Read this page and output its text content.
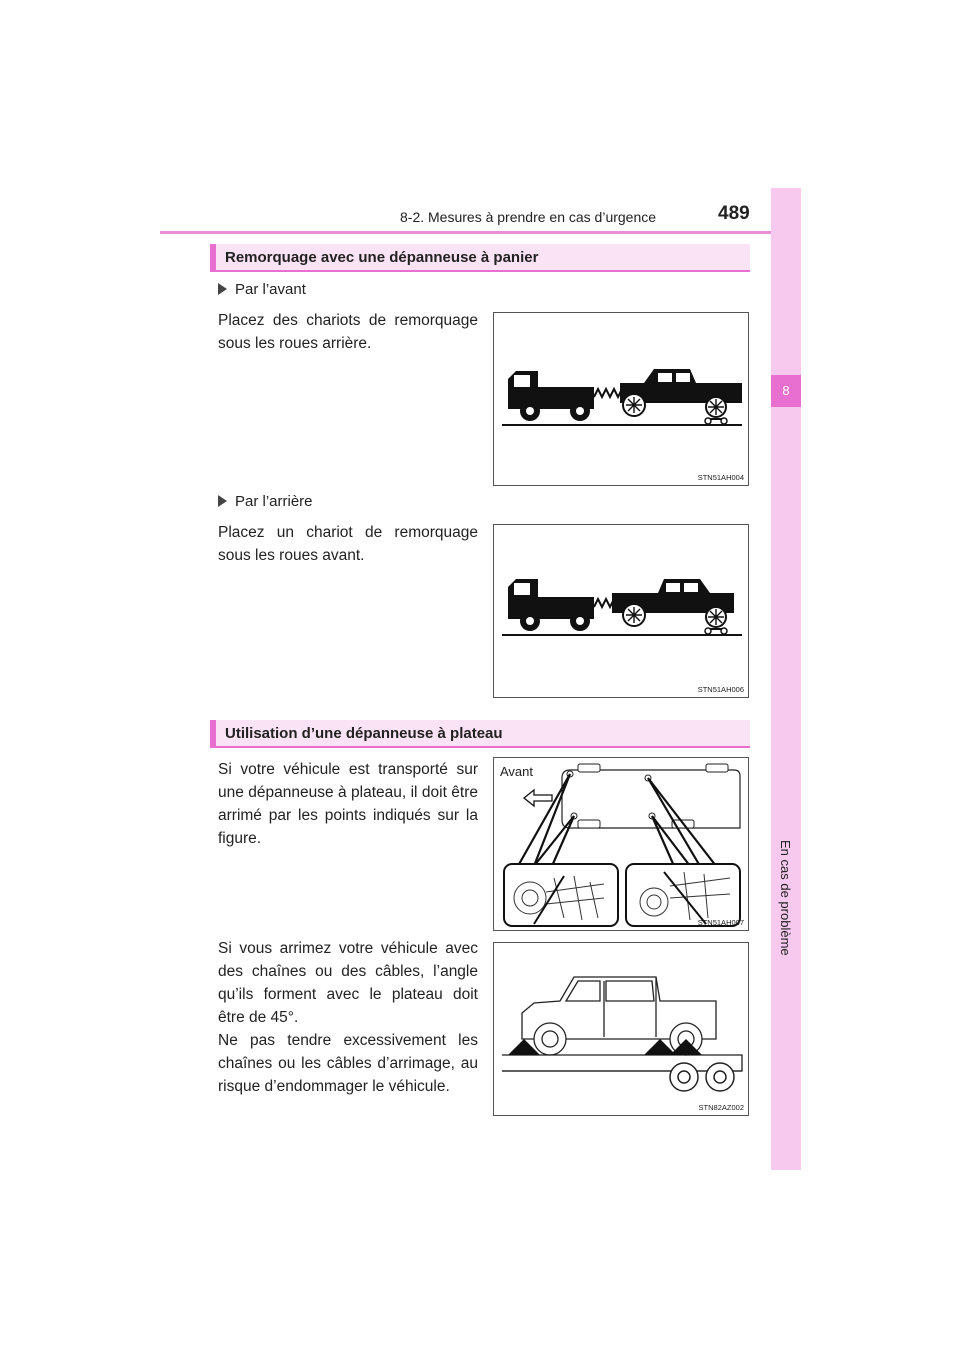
8-2. Mesures à prendre en cas d’urgence	489
8
En cas de problème
Remorquage avec une dépanneuse à panier
Par l’avant
Placez des chariots de remorquage sous les roues arrière.
STN51AH004
Par l’arrière
Placez un chariot de remorquage sous les roues avant.
STN51AH006
Utilisation d’une dépanneuse à plateau
Si votre véhicule est transporté sur une dépanneuse à plateau, il doit être arrimé par les points indiqués sur la figure.
Avant
STN51AH007
Si vous arrimez votre véhicule avec des chaînes ou des câbles, l’angle qu’ils forment avec le plateau doit être de 45°.
Ne pas tendre excessivement les chaînes ou les câbles d’arrimage, au risque d’endommager le véhicule.
STN82AZ002
